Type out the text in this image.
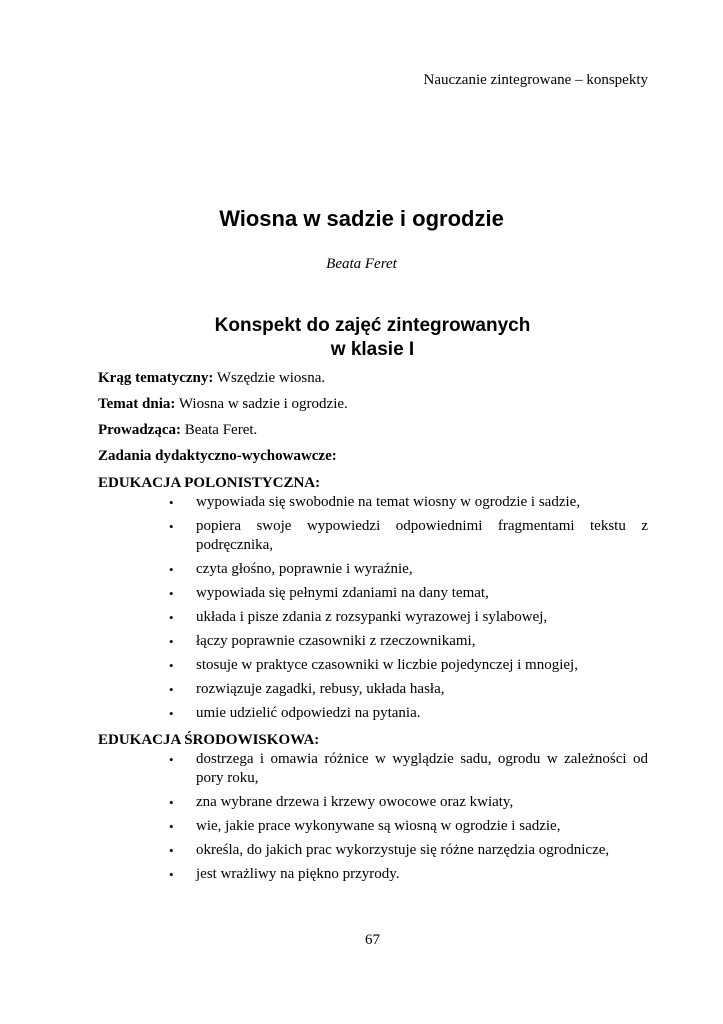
Nauczanie zintegrowane – konspekty
Wiosna w sadzie i ogrodzie
Beata Feret
Konspekt do zajęć zintegrowanych
w klasie I

Krąg tematyczny: Wszędzie wiosna.

Temat dnia: Wiosna w sadzie i ogrodzie.

Prowadząca: Beata Feret.

Zadania dydaktyczno-wychowawcze:

EDUKACJA POLONISTYCZNA:
• wypowiada się swobodnie na temat wiosny w ogrodzie i sadzie,
• popiera swoje wypowiedzi odpowiednimi fragmentami tekstu z podręcznika,
• czyta głośno, poprawnie i wyraźnie,
• wypowiada się pełnymi zdaniami na dany temat,
• układa i pisze zdania z rozsypanki wyrazowej i sylabowej,
• łączy poprawnie czasowniki z rzeczownikami,
• stosuje w praktyce czasowniki w liczbie pojedynczej i mnogiej,
• rozwiązuje zagadki, rebusy, układa hasła,
• umie udzielić odpowiedzi na pytania.
EDUKACJA ŚRODOWISKOWA:
• dostrzega i omawia różnice w wyglądzie sadu, ogrodu w zależności od pory roku,
• zna wybrane drzewa i krzewy owocowe oraz kwiaty,
• wie, jakie prace wykonywane są wiosną w ogrodzie i sadzie,
• określa, do jakich prac wykorzystuje się różne narzędzia ogrodnicze,
• jest wrażliwy na piękno przyrody.
67
